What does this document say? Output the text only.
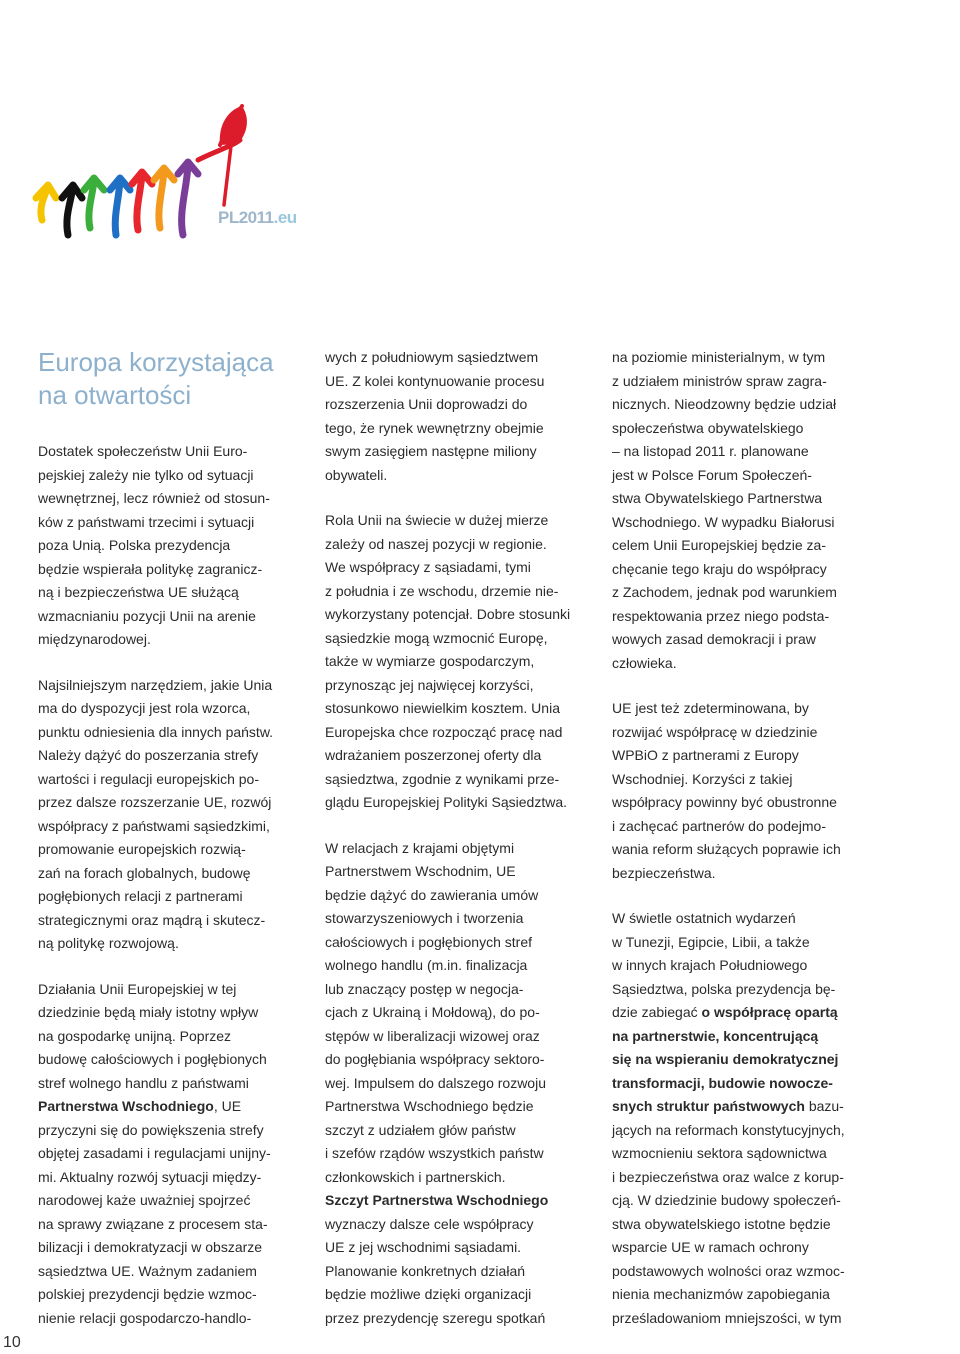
PL2011.eu
Europa korzystająca
na otwartości

Dostatek społeczeństw Unii Euro-
pejskiej zależy nie tylko od sytuacji
wewnętrznej, lecz również od stosun-
ków z państwami trzecimi i sytuacji
poza Unią. Polska prezydencja
będzie wspierała politykę zagranicz-
ną i bezpieczeństwa UE służącą
wzmacnianiu pozycji Unii na arenie
międzynarodowej.

Najsilniejszym narzędziem, jakie Unia
ma do dyspozycji jest rola wzorca,
punktu odniesienia dla innych państw.
Należy dążyć do poszerzania strefy
wartości i regulacji europejskich po-
przez dalsze rozszerzanie UE, rozwój
współpracy z państwami sąsiedzkimi,
promowanie europejskich rozwią-
zań na forach globalnych, budowę
pogłębionych relacji z partnerami
strategicznymi oraz mądrą i skutecz-
ną politykę rozwojową.

Działania Unii Europejskiej w tej
dziedzinie będą miały istotny wpływ
na gospodarkę unijną. Poprzez
budowę całościowych i pogłębionych
stref wolnego handlu z państwami
Partnerstwa Wschodniego, UE
przyczyni się do powiększenia strefy
objętej zasadami i regulacjami unijny-
mi. Aktualny rozwój sytuacji między-
narodowej każe uważniej spojrzeć
na sprawy związane z procesem sta-
bilizacji i demokratyzacji w obszarze
sąsiedztwa UE. Ważnym zadaniem
polskiej prezydencji będzie wzmoc-
nienie relacji gospodarczo-handlo-

wych z południowym sąsiedztwem
UE. Z kolei kontynuowanie procesu
rozszerzenia Unii doprowadzi do
tego, że rynek wewnętrzny obejmie
swym zasięgiem następne miliony
obywateli.

Rola Unii na świecie w dużej mierze
zależy od naszej pozycji w regionie.
We współpracy z sąsiadami, tymi
z południa i ze wschodu, drzemie nie-
wykorzystany potencjał. Dobre stosunki
sąsiedzkie mogą wzmocnić Europę,
także w wymiarze gospodarczym,
przynosząc jej najwięcej korzyści,
stosunkowo niewielkim kosztem. Unia
Europejska chce rozpocząć pracę nad
wdrażaniem poszerzonej oferty dla
sąsiedztwa, zgodnie z wynikami prze-
glądu Europejskiej Polityki Sąsiedztwa.

W relacjach z krajami objętymi
Partnerstwem Wschodnim, UE
będzie dążyć do zawierania umów
stowarzyszeniowych i tworzenia
całościowych i pogłębionych stref
wolnego handlu (m.in. finalizacja
lub znaczący postęp w negocja-
cjach z Ukrainą i Mołdową), do po-
stępów w liberalizacji wizowej oraz
do pogłębiania współpracy sektoro-
wej. Impulsem do dalszego rozwoju
Partnerstwa Wschodniego będzie
szczyt z udziałem głów państw
i szefów rządów wszystkich państw
członkowskich i partnerskich.
Szczyt Partnerstwa Wschodniego
wyznaczy dalsze cele współpracy
UE z jej wschodnimi sąsiadami.
Planowanie konkretnych działań
będzie możliwe dzięki organizacji
przez prezydencję szeregu spotkań

na poziomie ministerialnym, w tym
z udziałem ministrów spraw zagra-
nicznych. Nieodzowny będzie udział
społeczeństwa obywatelskiego
– na listopad 2011 r. planowane
jest w Polsce Forum Społeczeń-
stwa Obywatelskiego Partnerstwa
Wschodniego. W wypadku Białorusi
celem Unii Europejskiej będzie za-
chęcanie tego kraju do współpracy
z Zachodem, jednak pod warunkiem
respektowania przez niego podsta-
wowych zasad demokracji i praw
człowieka.

UE jest też zdeterminowana, by
rozwijać współpracę w dziedzinie
WPBiO z partnerami z Europy
Wschodniej. Korzyści z takiej
współpracy powinny być obustronne
i zachęcać partnerów do podejmo-
wania reform służących poprawie ich
bezpieczeństwa.

W świetle ostatnich wydarzeń
w Tunezji, Egipcie, Libii, a także
w innych krajach Południowego
Sąsiedztwa, polska prezydencja bę-
dzie zabiegać o współpracę opartą
na partnerstwie, koncentrującą
się na wspieraniu demokratycznej
transformacji, budowie nowocze-
snych struktur państwowych bazu-
jących na reformach konstytucyjnych,
wzmocnieniu sektora sądownictwa
i bezpieczeństwa oraz walce z korup-
cją. W dziedzinie budowy społeczeń-
stwa obywatelskiego istotne będzie
wsparcie UE w ramach ochrony
podstawowych wolności oraz wzmoc-
nienia mechanizmów zapobiegania
prześladowaniom mniejszości, w tym

10
